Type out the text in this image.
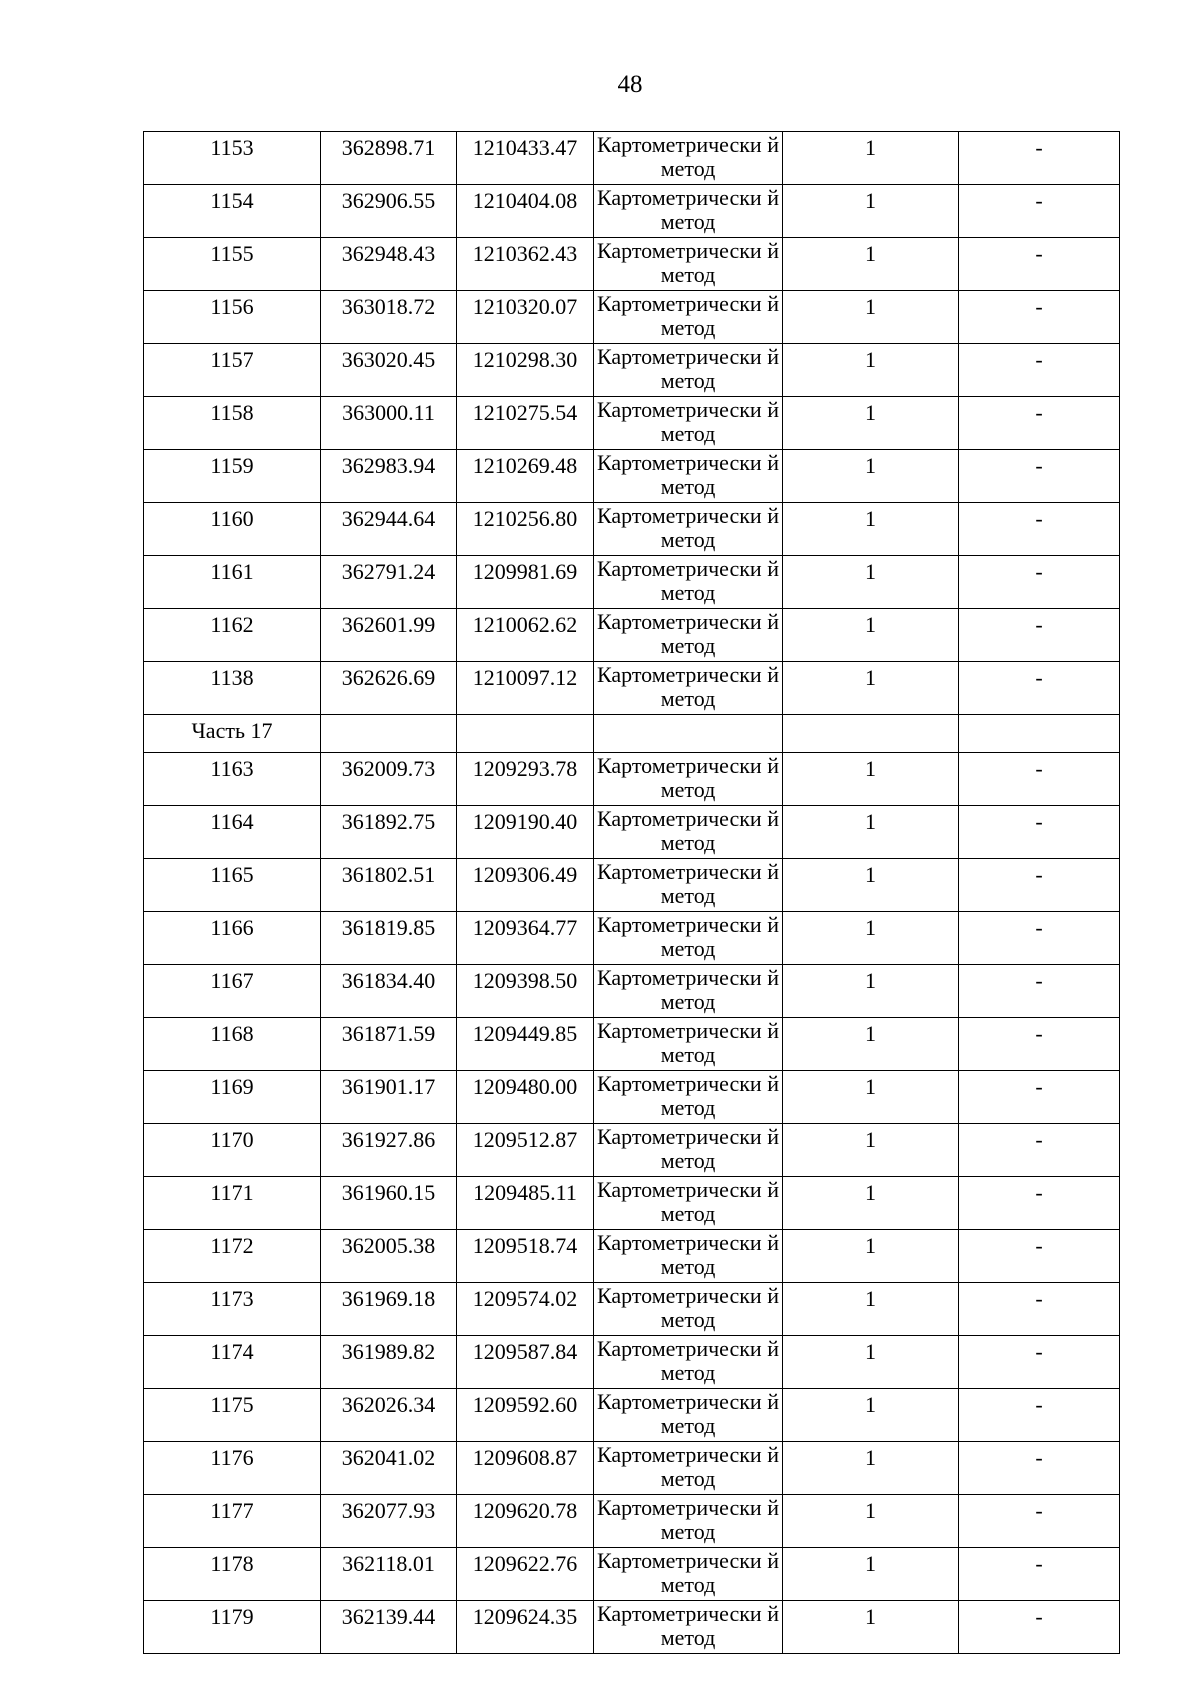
48
1153	362898.71	1210433.47	Картометрически й метод	1	-
1154	362906.55	1210404.08	Картометрически й метод	1	-
1155	362948.43	1210362.43	Картометрически й метод	1	-
1156	363018.72	1210320.07	Картометрически й метод	1	-
1157	363020.45	1210298.30	Картометрически й метод	1	-
1158	363000.11	1210275.54	Картометрически й метод	1	-
1159	362983.94	1210269.48	Картометрически й метод	1	-
1160	362944.64	1210256.80	Картометрически й метод	1	-
1161	362791.24	1209981.69	Картометрически й метод	1	-
1162	362601.99	1210062.62	Картометрически й метод	1	-
1138	362626.69	1210097.12	Картометрически й метод	1	-
Часть 17					
1163	362009.73	1209293.78	Картометрически й метод	1	-
1164	361892.75	1209190.40	Картометрически й метод	1	-
1165	361802.51	1209306.49	Картометрически й метод	1	-
1166	361819.85	1209364.77	Картометрически й метод	1	-
1167	361834.40	1209398.50	Картометрически й метод	1	-
1168	361871.59	1209449.85	Картометрически й метод	1	-
1169	361901.17	1209480.00	Картометрически й метод	1	-
1170	361927.86	1209512.87	Картометрически й метод	1	-
1171	361960.15	1209485.11	Картометрически й метод	1	-
1172	362005.38	1209518.74	Картометрически й метод	1	-
1173	361969.18	1209574.02	Картометрически й метод	1	-
1174	361989.82	1209587.84	Картометрически й метод	1	-
1175	362026.34	1209592.60	Картометрически й метод	1	-
1176	362041.02	1209608.87	Картометрически й метод	1	-
1177	362077.93	1209620.78	Картометрически й метод	1	-
1178	362118.01	1209622.76	Картометрически й метод	1	-
1179	362139.44	1209624.35	Картометрически й метод	1	-
